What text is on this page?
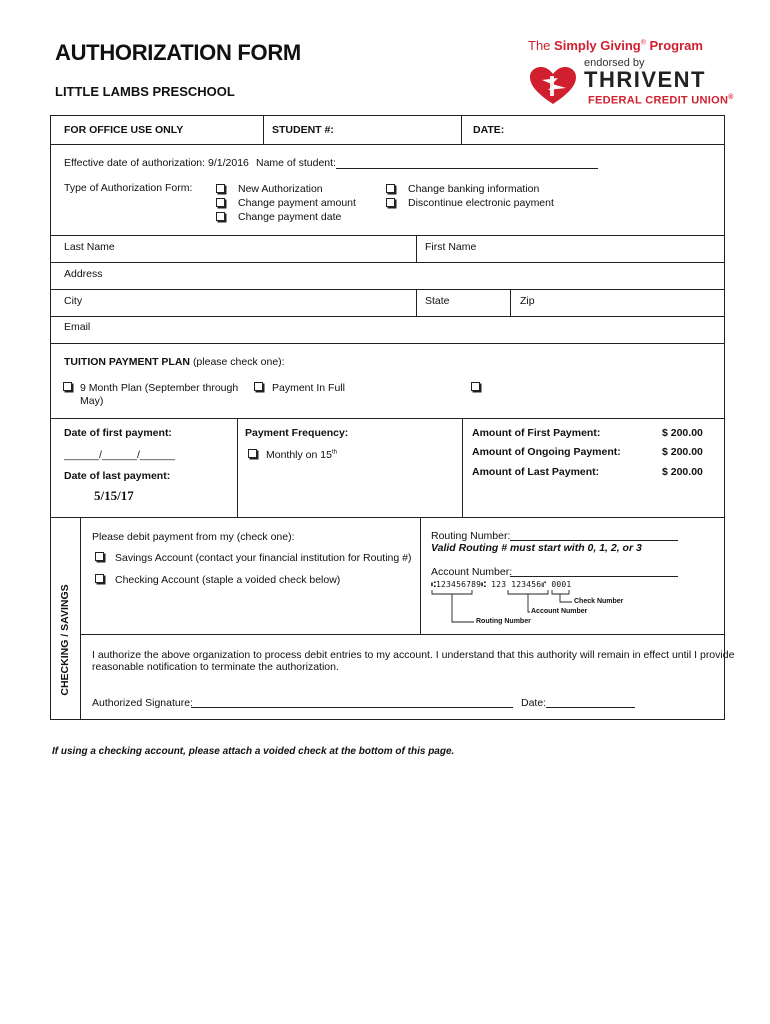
AUTHORIZATION FORM
LITTLE LAMBS PRESCHOOL
The Simply Giving® Program
endorsed by
THRIVENT
FEDERAL CREDIT UNION®
FOR OFFICE USE ONLY	STUDENT #:	DATE:
Effective date of authorization: 9/1/2016 Name of student:
Type of Authorization Form:	New Authorization
Change payment amount
Change payment date
Change banking information
Discontinue electronic payment
Last Name	First Name
Address
City	State	Zip
Email
TUITION PAYMENT PLAN (please check one):
9 Month Plan (September through
May)
Payment In Full
Date of first payment:
______/______/______
Date of last payment:
5/15/17
Payment Frequency:
Monthly on 15th
Amount of First Payment:	$ 200.00
Amount of Ongoing Payment:	$ 200.00
Amount of Last Payment:	$ 200.00
CHECKING / SAVINGS
Please debit payment from my (check one):
Savings Account (contact your financial institution for Routing #)
Checking Account (staple a voided check below)
Routing Number:
Valid Routing # must start with 0, 1, 2, or 3
Account Number:
⑆123456789⑆ 123 123456⑈ 0001
Check Number
Account Number
Routing Number
I authorize the above organization to process debit entries to my account. I understand that this authority will remain in effect until I provide
reasonable notification to terminate the authorization.
Authorized Signature:	Date:
If using a checking account, please attach a voided check at the bottom of this page.
